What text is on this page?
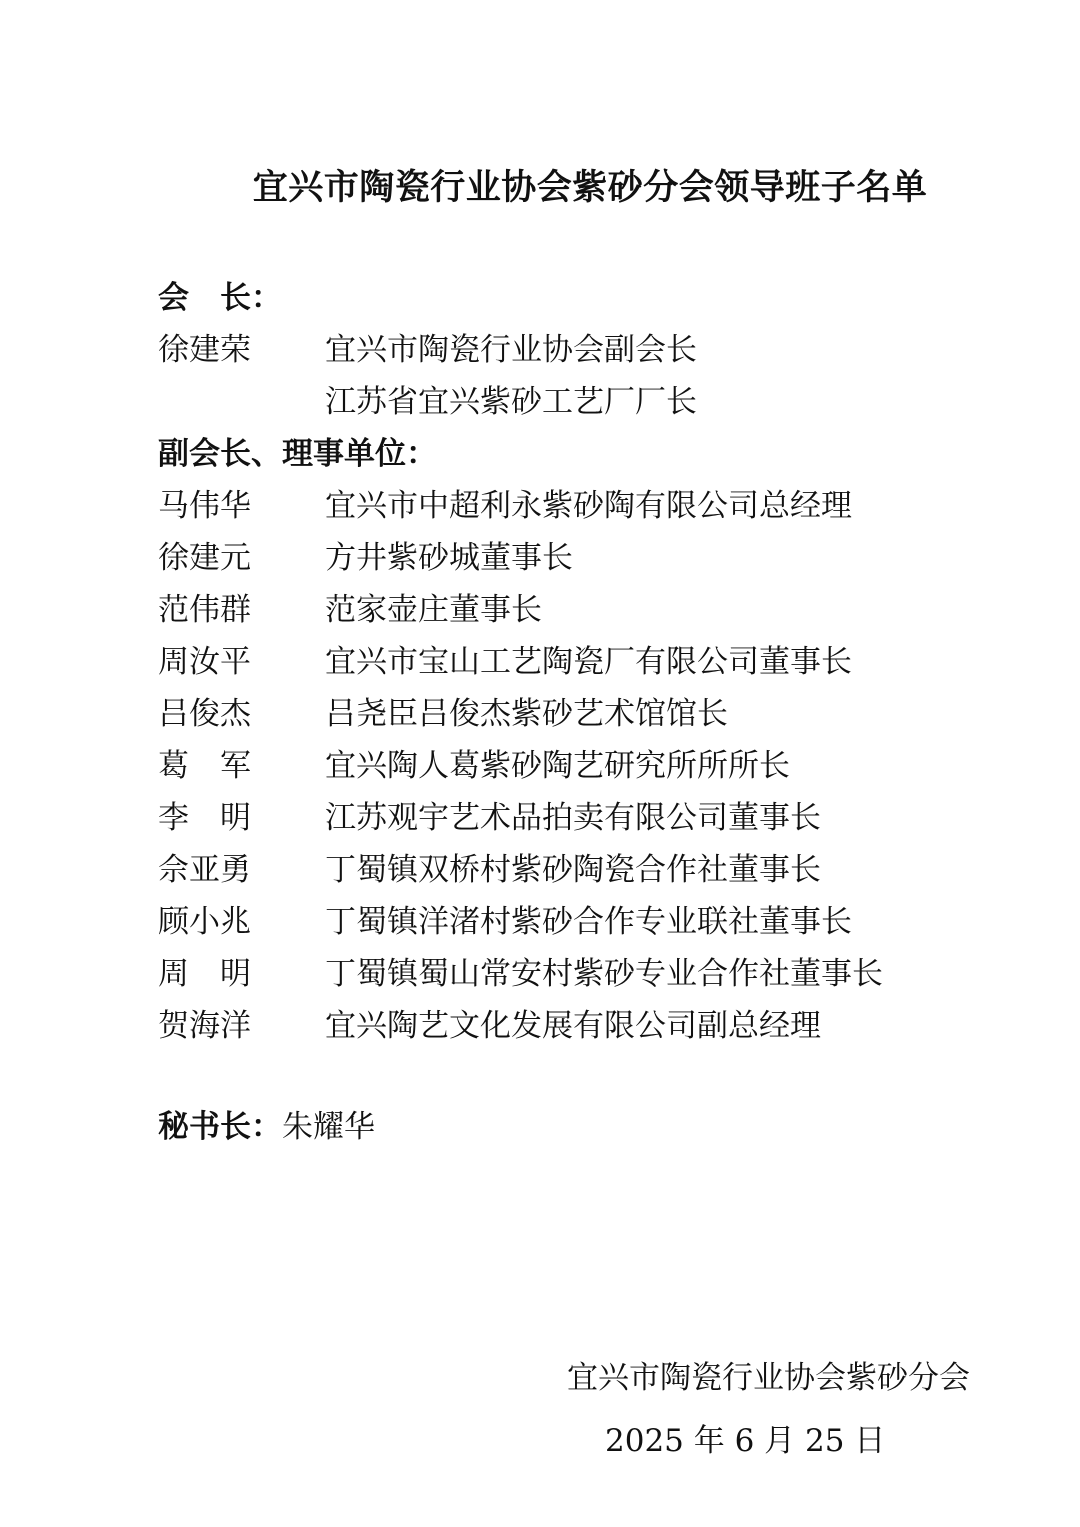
宜兴市陶瓷行业协会紫砂分会领导班子名单
会　长：
徐建荣	宜兴市陶瓷行业协会副会长
江苏省宜兴紫砂工艺厂厂长
副会长、理事单位：
马伟华	宜兴市中超利永紫砂陶有限公司总经理
徐建元	方井紫砂城董事长
范伟群	范家壶庄董事长
周汝平	宜兴市宝山工艺陶瓷厂有限公司董事长
吕俊杰	吕尧臣吕俊杰紫砂艺术馆馆长
葛　军	宜兴陶人葛紫砂陶艺研究所所所长
李　明	江苏观宇艺术品拍卖有限公司董事长
佘亚勇	丁蜀镇双桥村紫砂陶瓷合作社董事长
顾小兆	丁蜀镇洋渚村紫砂合作专业联社董事长
周　明	丁蜀镇蜀山常安村紫砂专业合作社董事长
贺海洋	宜兴陶艺文化发展有限公司副总经理
秘书长：朱耀华
宜兴市陶瓷行业协会紫砂分会
2025 年 6 月 25 日
